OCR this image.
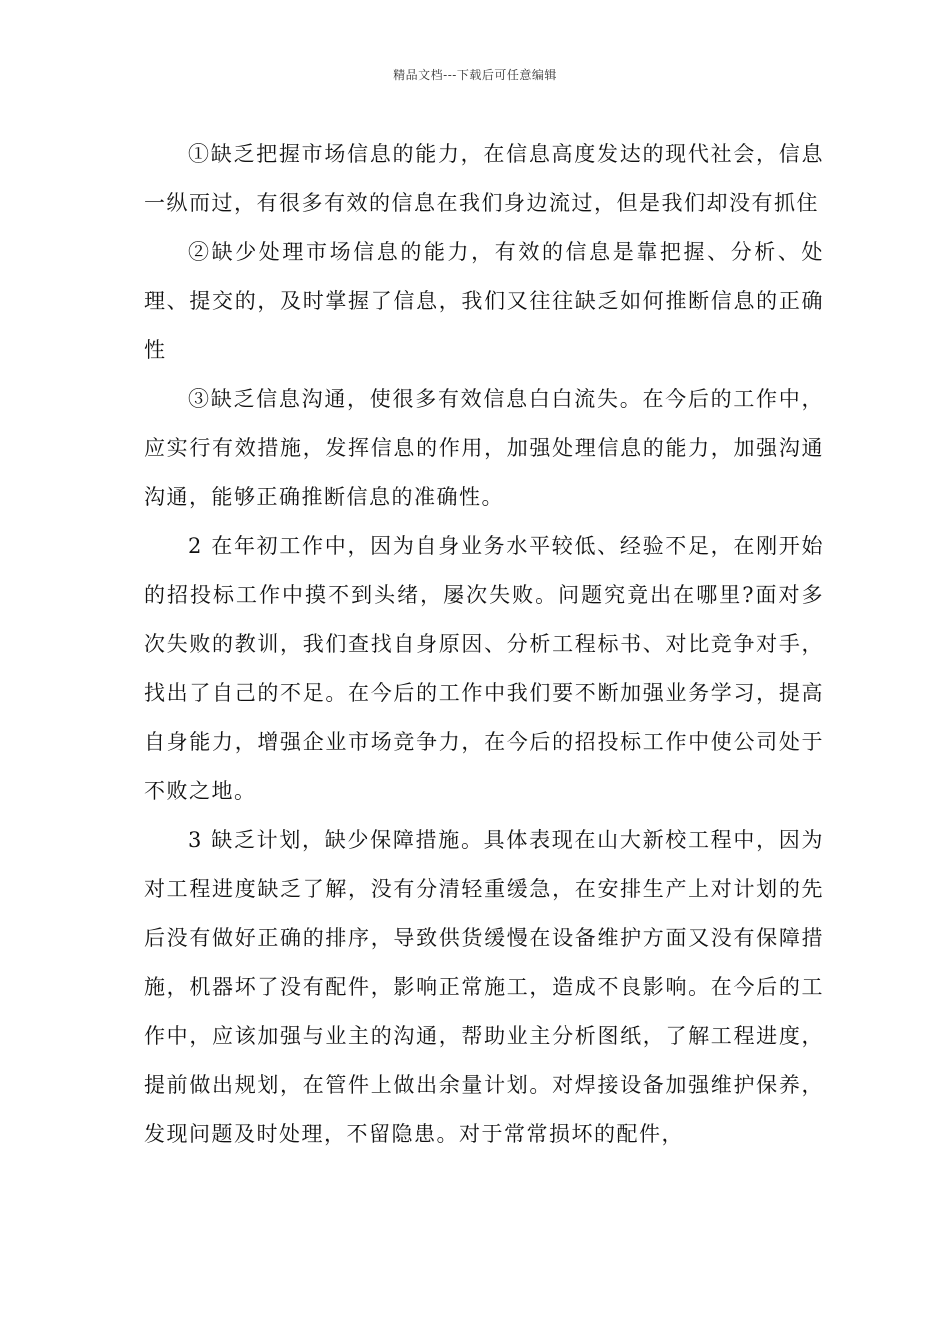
精品文档---下载后可任意编辑

①缺乏把握市场信息的能力，在信息高度发达的现代社会，信息一纵而过，有很多有效的信息在我们身边流过，但是我们却没有抓住

②缺少处理市场信息的能力，有效的信息是靠把握、分析、处理、提交的，及时掌握了信息，我们又往往缺乏如何推断信息的正确性

③缺乏信息沟通，使很多有效信息白白流失。在今后的工作中，应实行有效措施，发挥信息的作用，加强处理信息的能力，加强沟通沟通，能够正确推断信息的准确性。

2 在年初工作中，因为自身业务水平较低、经验不足，在刚开始的招投标工作中摸不到头绪，屡次失败。问题究竟出在哪里?面对多次失败的教训，我们查找自身原因、分析工程标书、对比竞争对手，找出了自己的不足。在今后的工作中我们要不断加强业务学习，提高自身能力，增强企业市场竞争力，在今后的招投标工作中使公司处于不败之地。

3 缺乏计划，缺少保障措施。具体表现在山大新校工程中，因为对工程进度缺乏了解，没有分清轻重缓急，在安排生产上对计划的先后没有做好正确的排序，导致供货缓慢在设备维护方面又没有保障措施，机器坏了没有配件，影响正常施工，造成不良影响。在今后的工作中，应该加强与业主的沟通，帮助业主分析图纸，了解工程进度，提前做出规划，在管件上做出余量计划。对焊接设备加强维护保养，发现问题及时处理，不留隐患。对于常常损坏的配件，
